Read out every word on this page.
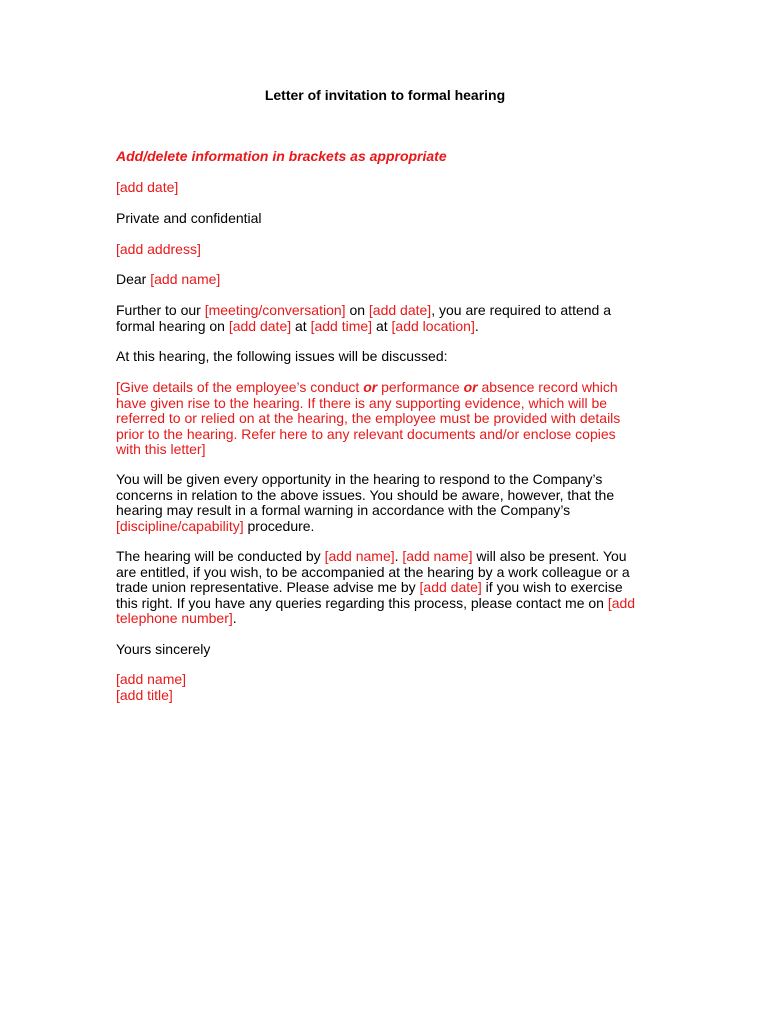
Letter of invitation to formal hearing

Add/delete information in brackets as appropriate

[add date]

Private and confidential

[add address]

Dear [add name]

Further to our [meeting/conversation] on [add date], you are required to attend a
formal hearing on [add date] at [add time] at [add location].

At this hearing, the following issues will be discussed:

[Give details of the employee’s conduct or performance or absence record which
have given rise to the hearing. If there is any supporting evidence, which will be
referred to or relied on at the hearing, the employee must be provided with details
prior to the hearing. Refer here to any relevant documents and/or enclose copies
with this letter]

You will be given every opportunity in the hearing to respond to the Company’s
concerns in relation to the above issues. You should be aware, however, that the
hearing may result in a formal warning in accordance with the Company’s
[discipline/capability] procedure.

The hearing will be conducted by [add name]. [add name] will also be present. You
are entitled, if you wish, to be accompanied at the hearing by a work colleague or a
trade union representative. Please advise me by [add date] if you wish to exercise
this right. If you have any queries regarding this process, please contact me on [add
telephone number].

Yours sincerely

[add name]
[add title]
